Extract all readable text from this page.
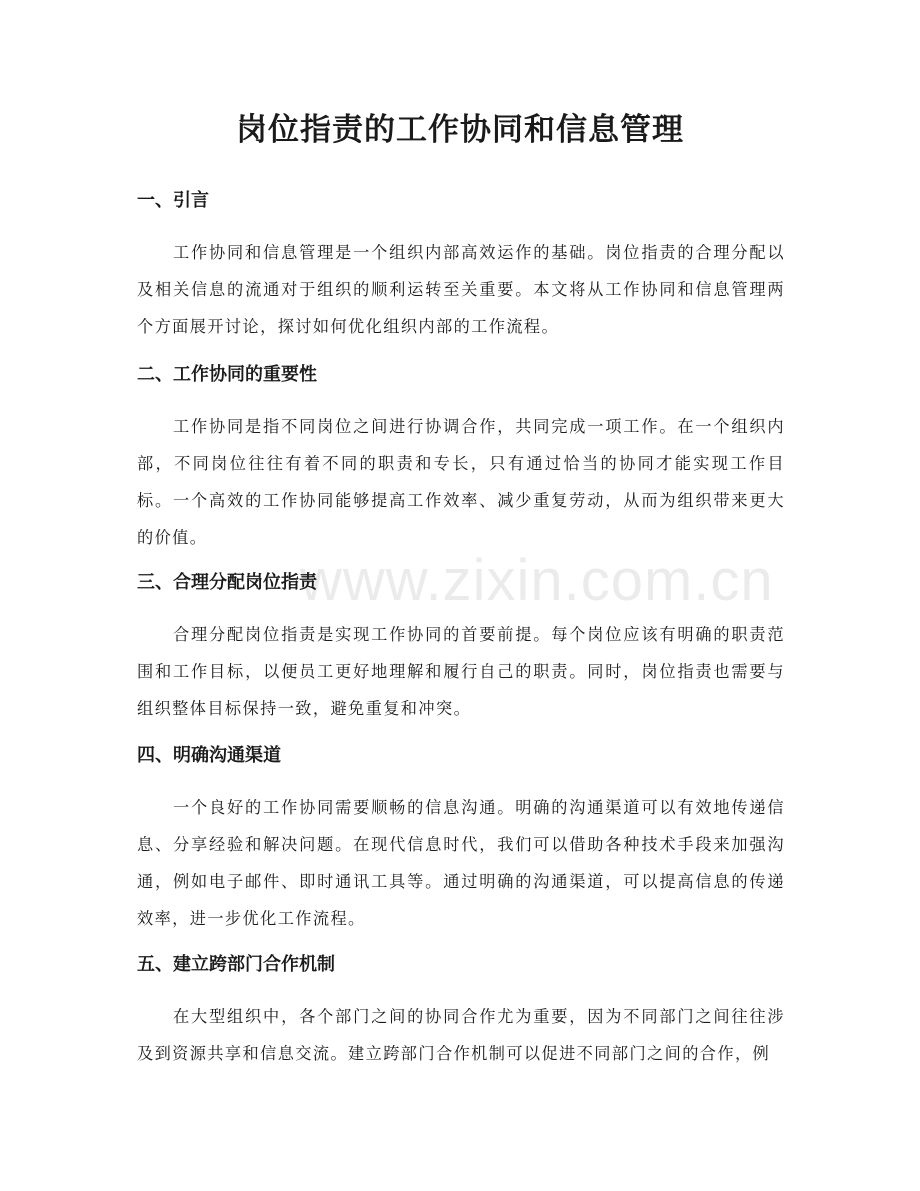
岗位指责的工作协同和信息管理
一、引言

工作协同和信息管理是一个组织内部高效运作的基础。岗位指责的合理分配以及相关信息的流通对于组织的顺利运转至关重要。本文将从工作协同和信息管理两个方面展开讨论，探讨如何优化组织内部的工作流程。

二、工作协同的重要性

工作协同是指不同岗位之间进行协调合作，共同完成一项工作。在一个组织内部，不同岗位往往有着不同的职责和专长，只有通过恰当的协同才能实现工作目标。一个高效的工作协同能够提高工作效率、减少重复劳动，从而为组织带来更大的价值。

三、合理分配岗位指责

合理分配岗位指责是实现工作协同的首要前提。每个岗位应该有明确的职责范围和工作目标，以便员工更好地理解和履行自己的职责。同时，岗位指责也需要与组织整体目标保持一致，避免重复和冲突。

四、明确沟通渠道

一个良好的工作协同需要顺畅的信息沟通。明确的沟通渠道可以有效地传递信息、分享经验和解决问题。在现代信息时代，我们可以借助各种技术手段来加强沟通，例如电子邮件、即时通讯工具等。通过明确的沟通渠道，可以提高信息的传递效率，进一步优化工作流程。

五、建立跨部门合作机制

在大型组织中，各个部门之间的协同合作尤为重要，因为不同部门之间往往涉及到资源共享和信息交流。建立跨部门合作机制可以促进不同部门之间的合作，例

www.zixin.com.cn
